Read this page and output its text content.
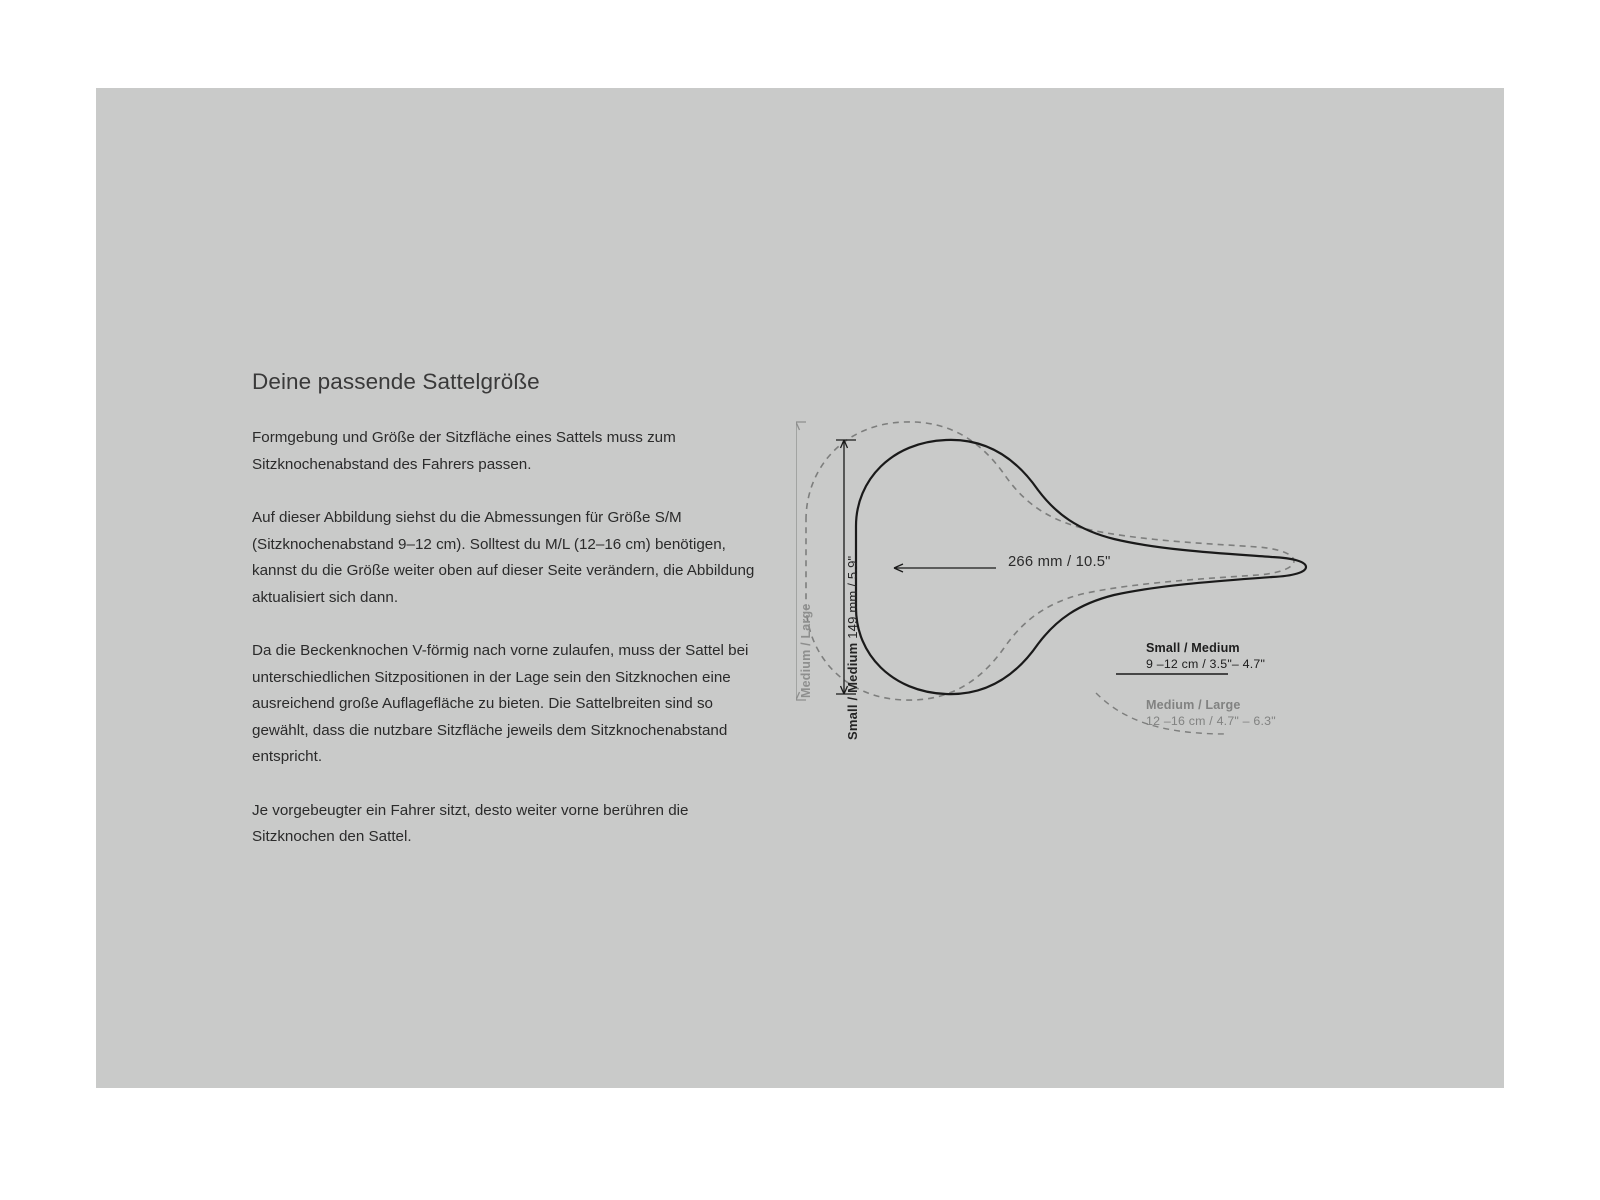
Deine passende Sattelgröße

Formgebung und Größe der Sitzfläche eines Sattels muss zum Sitzknochenabstand des Fahrers passen.

Auf dieser Abbildung siehst du die Abmessungen für Größe S/M (Sitzknochenabstand 9–12 cm). Solltest du M/L (12–16 cm) benötigen, kannst du die Größe weiter oben auf dieser Seite verändern, die Abbildung aktualisiert sich dann.

Da die Beckenknochen V-förmig nach vorne zulaufen, muss der Sattel bei unterschiedlichen Sitzpositionen in der Lage sein den Sitzknochen eine ausreichend große Auflagefläche zu bieten. Die Sattelbreiten sind so gewählt, dass die nutzbare Sitzfläche jeweils dem Sitzknochenabstand entspricht.

Je vorgebeugter ein Fahrer sitzt, desto weiter vorne berühren die Sitzknochen den Sattel.

Medium / Large Small / Medium 149 mm / 5.9"	266 mm / 10.5"

Small / Medium

9 –12 cm / 3.5"– 4.7"

Medium / Large

12 –16 cm / 4.7" – 6.3"
